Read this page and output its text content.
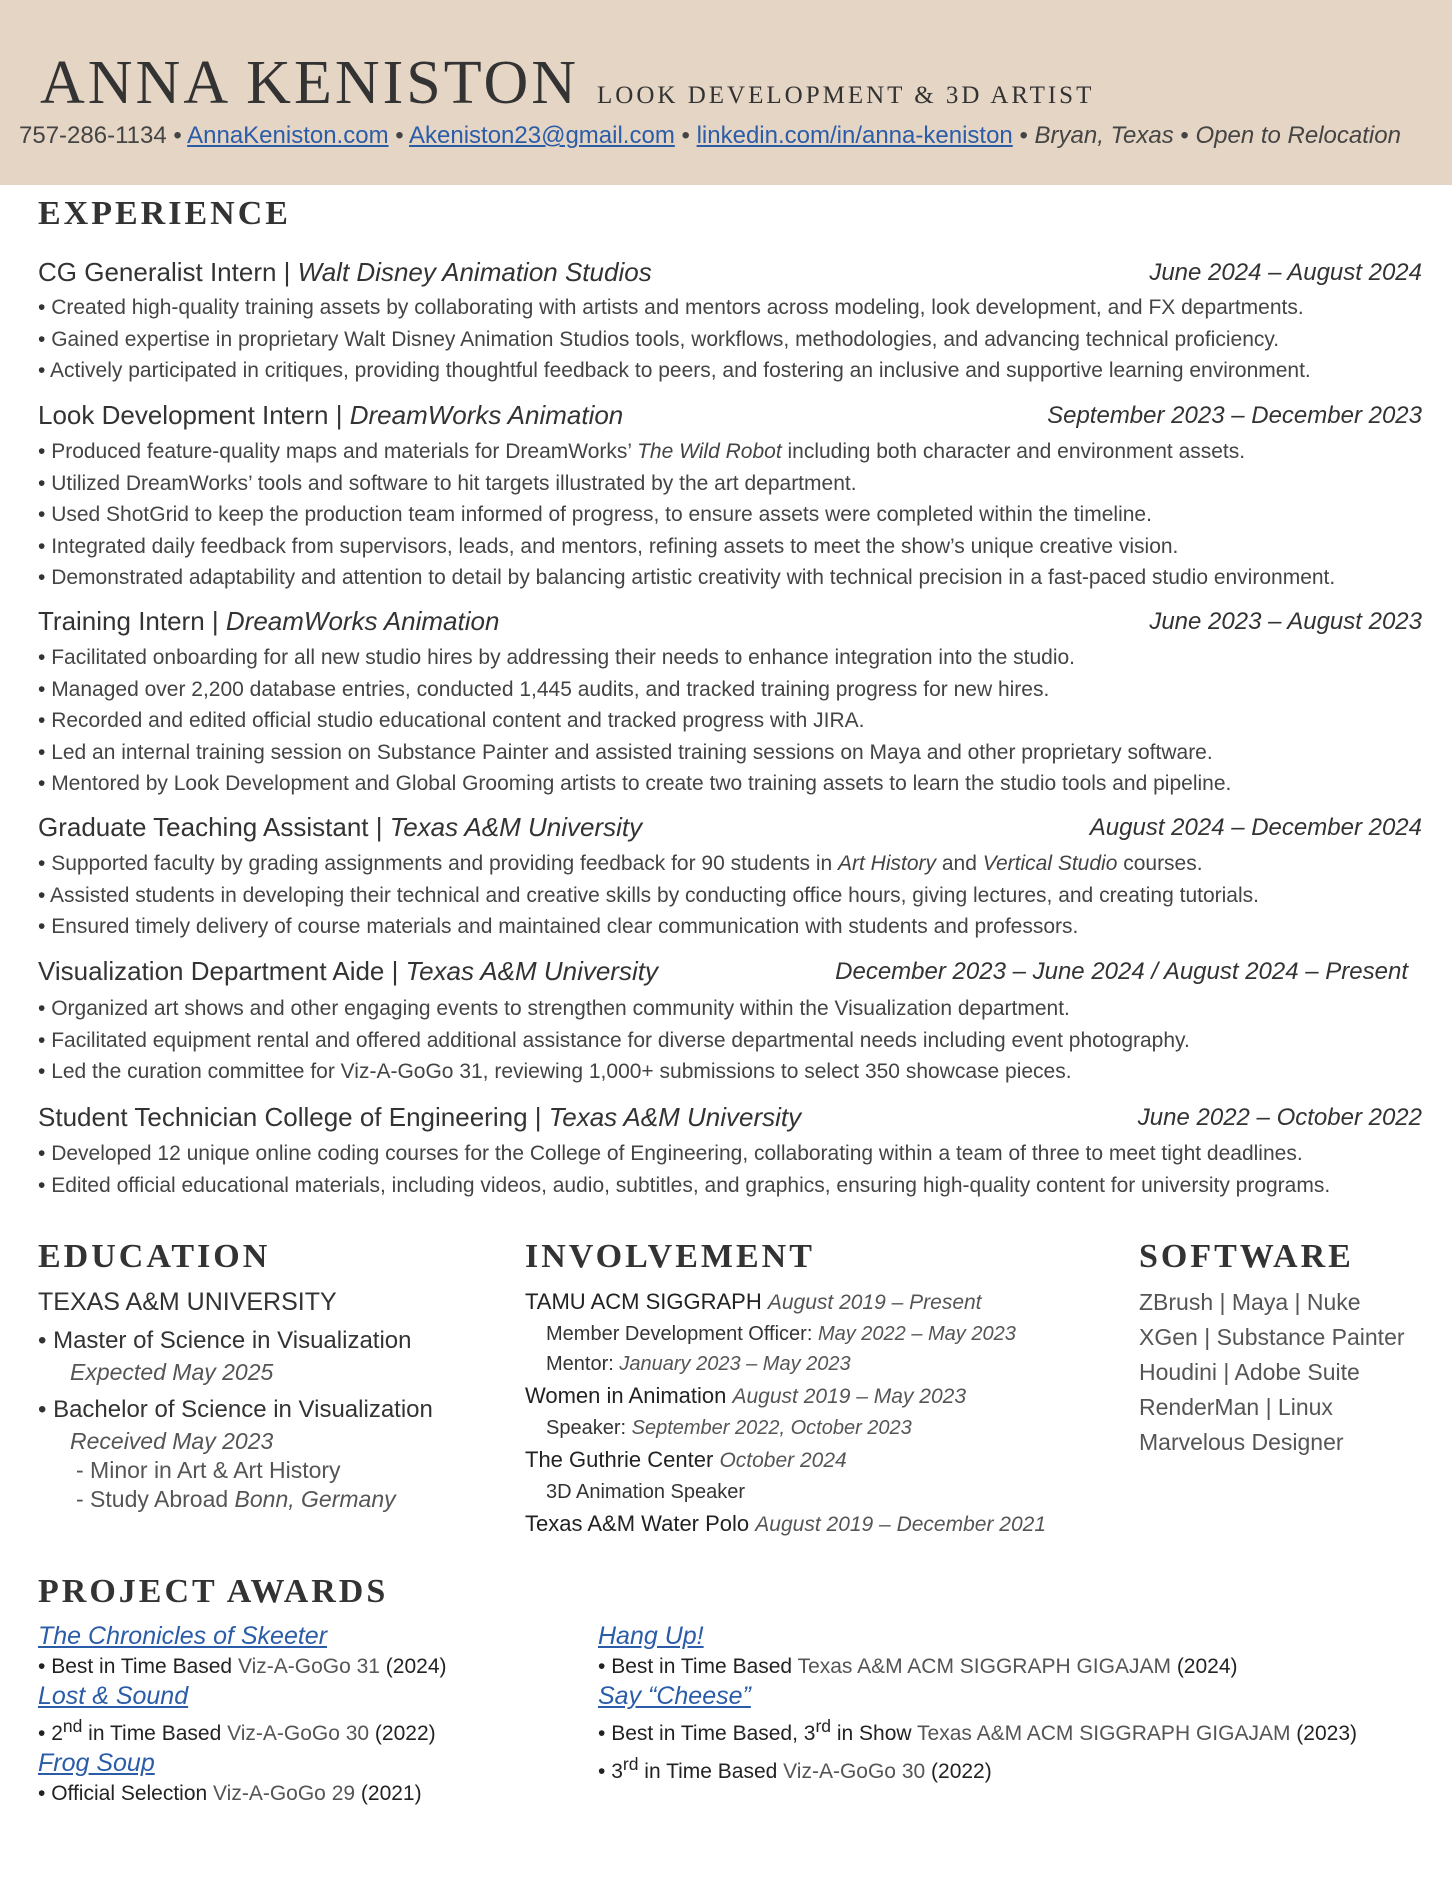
ANNA KENISTON LOOK DEVELOPMENT & 3D ARTIST
757-286-1134 • AnnaKeniston.com • Akeniston23@gmail.com • linkedin.com/in/anna-keniston • Bryan, Texas • Open to Relocation
EXPERIENCE
CG Generalist Intern | Walt Disney Animation Studios	June 2024 – August 2024
• Created high-quality training assets by collaborating with artists and mentors across modeling, look development, and FX departments.
• Gained expertise in proprietary Walt Disney Animation Studios tools, workflows, methodologies, and advancing technical proficiency.
• Actively participated in critiques, providing thoughtful feedback to peers, and fostering an inclusive and supportive learning environment.
Look Development Intern | DreamWorks Animation	September 2023 – December 2023
• Produced feature-quality maps and materials for DreamWorks’ The Wild Robot including both character and environment assets.
• Utilized DreamWorks’ tools and software to hit targets illustrated by the art department.
• Used ShotGrid to keep the production team informed of progress, to ensure assets were completed within the timeline.
• Integrated daily feedback from supervisors, leads, and mentors, refining assets to meet the show’s unique creative vision.
• Demonstrated adaptability and attention to detail by balancing artistic creativity with technical precision in a fast-paced studio environment.
Training Intern | DreamWorks Animation	June 2023 – August 2023
• Facilitated onboarding for all new studio hires by addressing their needs to enhance integration into the studio.
• Managed over 2,200 database entries, conducted 1,445 audits, and tracked training progress for new hires.
• Recorded and edited official studio educational content and tracked progress with JIRA.
• Led an internal training session on Substance Painter and assisted training sessions on Maya and other proprietary software.
• Mentored by Look Development and Global Grooming artists to create two training assets to learn the studio tools and pipeline.
Graduate Teaching Assistant | Texas A&M University	August 2024 – December 2024
• Supported faculty by grading assignments and providing feedback for 90 students in Art History and Vertical Studio courses.
• Assisted students in developing their technical and creative skills by conducting office hours, giving lectures, and creating tutorials.
• Ensured timely delivery of course materials and maintained clear communication with students and professors.
Visualization Department Aide | Texas A&M University	December 2023 – June 2024 / August 2024 – Present
• Organized art shows and other engaging events to strengthen community within the Visualization department.
• Facilitated equipment rental and offered additional assistance for diverse departmental needs including event photography.
• Led the curation committee for Viz-A-GoGo 31, reviewing 1,000+ submissions to select 350 showcase pieces.
Student Technician College of Engineering | Texas A&M University	June 2022 – October 2022
• Developed 12 unique online coding courses for the College of Engineering, collaborating within a team of three to meet tight deadlines.
• Edited official educational materials, including videos, audio, subtitles, and graphics, ensuring high-quality content for university programs.
EDUCATION
TEXAS A&M UNIVERSITY
• Master of Science in Visualization
Expected May 2025
• Bachelor of Science in Visualization
Received May 2023
- Minor in Art & Art History
- Study Abroad Bonn, Germany
INVOLVEMENT
TAMU ACM SIGGRAPH August 2019 – Present
Member Development Officer: May 2022 – May 2023
Mentor: January 2023 – May 2023
Women in Animation August 2019 – May 2023
Speaker: September 2022, October 2023
The Guthrie Center October 2024
3D Animation Speaker
Texas A&M Water Polo August 2019 – December 2021
SOFTWARE
ZBrush | Maya | Nuke
XGen | Substance Painter
Houdini | Adobe Suite
RenderMan | Linux
Marvelous Designer
PROJECT AWARDS
The Chronicles of Skeeter
• Best in Time Based Viz-A-GoGo 31 (2024)
Lost & Sound
• 2nd in Time Based Viz-A-GoGo 30 (2022)
Frog Soup
• Official Selection Viz-A-GoGo 29 (2021)
Hang Up!
• Best in Time Based Texas A&M ACM SIGGRAPH GIGAJAM (2024)
Say “Cheese”
• Best in Time Based, 3rd in Show Texas A&M ACM SIGGRAPH GIGAJAM (2023)
• 3rd in Time Based Viz-A-GoGo 30 (2022)
